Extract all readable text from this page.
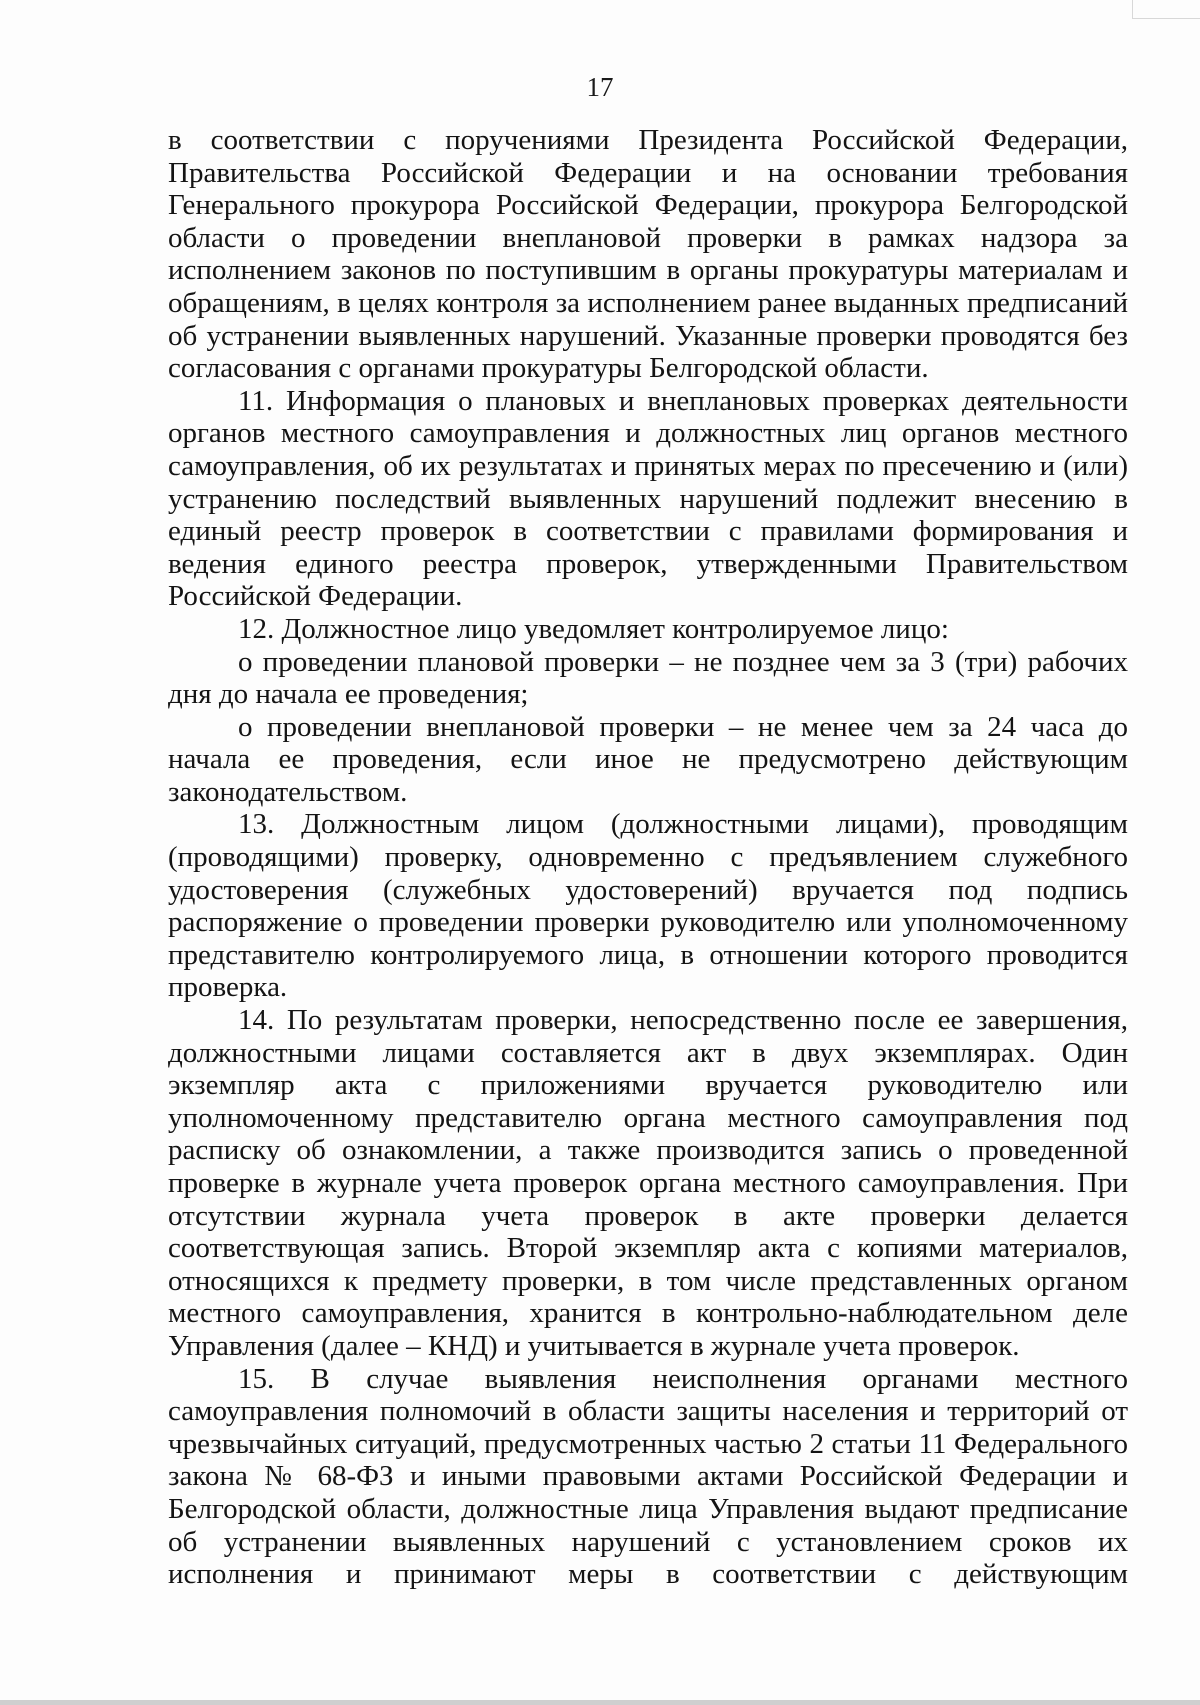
17

в соответствии с поручениями Президента Российской Федерации, Правительства Российской Федерации и на основании требования Генерального прокурора Российской Федерации, прокурора Белгородской области о проведении внеплановой проверки в рамках надзора за исполнением законов по поступившим в органы прокуратуры материалам и обращениям, в целях контроля за исполнением ранее выданных предписаний об устранении выявленных нарушений. Указанные проверки проводятся без согласования с органами прокуратуры Белгородской области.

11. Информация о плановых и внеплановых проверках деятельности органов местного самоуправления и должностных лиц органов местного самоуправления, об их результатах и принятых мерах по пресечению и (или) устранению последствий выявленных нарушений подлежит внесению в единый реестр проверок в соответствии с правилами формирования и ведения единого реестра проверок, утвержденными Правительством Российской Федерации.

12. Должностное лицо уведомляет контролируемое лицо:

о проведении плановой проверки – не позднее чем за 3 (три) рабочих дня до начала ее проведения;

о проведении внеплановой проверки – не менее чем за 24 часа до начала ее проведения, если иное не предусмотрено действующим законодательством.

13. Должностным лицом (должностными лицами), проводящим (проводящими) проверку, одновременно с предъявлением служебного удостоверения (служебных удостоверений) вручается под подпись распоряжение о проведении проверки руководителю или уполномоченному представителю контролируемого лица, в отношении которого проводится проверка.

14. По результатам проверки, непосредственно после ее завершения, должностными лицами составляется акт в двух экземплярах. Один экземпляр акта с приложениями вручается руководителю или уполномоченному представителю органа местного самоуправления под расписку об ознакомлении, а также производится запись о проведенной проверке в журнале учета проверок органа местного самоуправления. При отсутствии журнала учета проверок в акте проверки делается соответствующая запись. Второй экземпляр акта с копиями материалов, относящихся к предмету проверки, в том числе представленных органом местного самоуправления, хранится в контрольно-наблюдательном деле Управления (далее – КНД) и учитывается в журнале учета проверок.

15. В случае выявления неисполнения органами местного самоуправления полномочий в области защиты населения и территорий от чрезвычайных ситуаций, предусмотренных частью 2 статьи 11 Федерального закона № 68-ФЗ и иными правовыми актами Российской Федерации и Белгородской области, должностные лица Управления выдают предписание об устранении выявленных нарушений с установлением сроков их исполнения и принимают меры в соответствии с действующим
